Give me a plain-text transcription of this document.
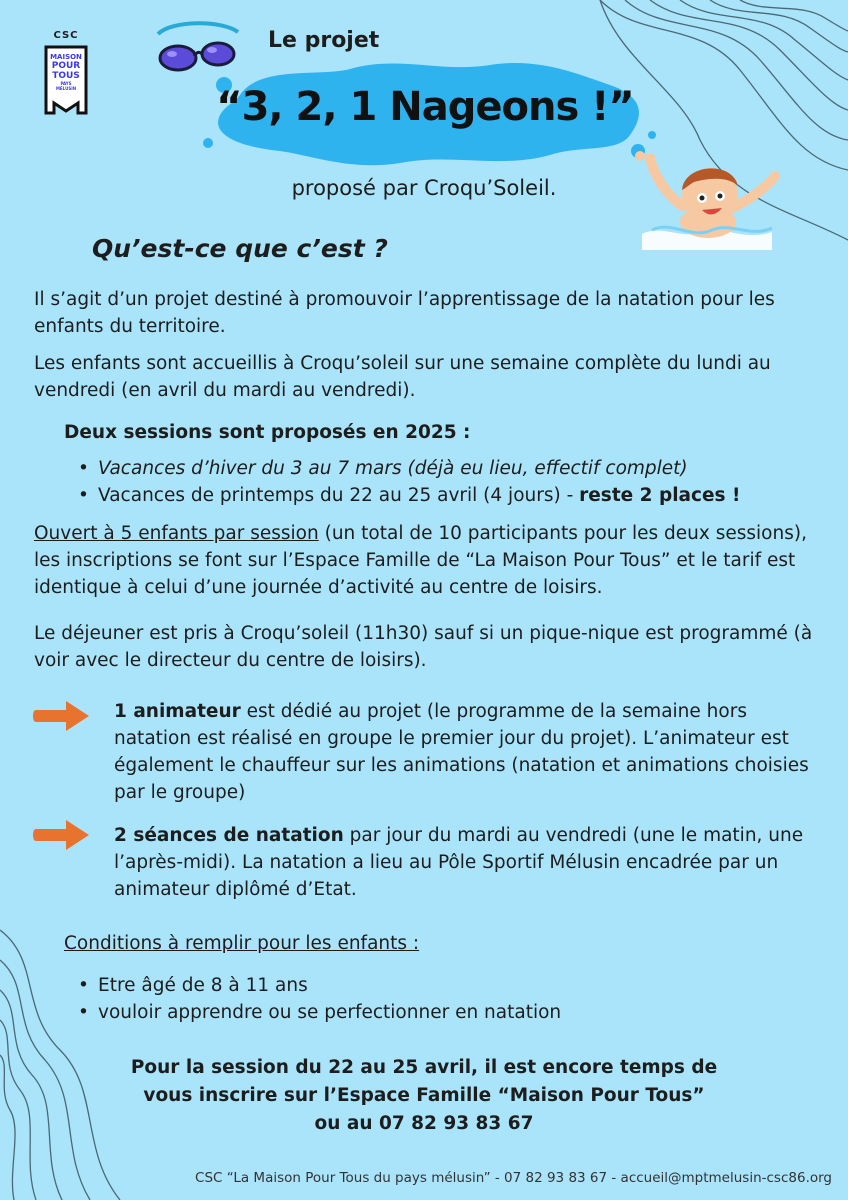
CSC
MAISON
POUR
TOUS
PAYS MÉLUSIN
Le projet
“3, 2, 1 Nageons !”
proposé par Croqu’Soleil.
Qu’est-ce que c’est ?
Il s’agit d’un projet destiné à promouvoir l’apprentissage de la natation pour les enfants du territoire.
Les enfants sont accueillis à Croqu’soleil sur une semaine complète du lundi au vendredi (en avril du mardi au vendredi).
Deux sessions sont proposés en 2025 :
• Vacances d’hiver du 3 au 7 mars (déjà eu lieu, effectif complet)
• Vacances de printemps du 22 au 25 avril (4 jours) - reste 2 places !
Ouvert à 5 enfants par session (un total de 10 participants pour les deux sessions), les inscriptions se font sur l’Espace Famille de “La Maison Pour Tous” et le tarif est identique à celui d’une journée d’activité au centre de loisirs.
Le déjeuner est pris à Croqu’soleil (11h30) sauf si un pique-nique est programmé (à voir avec le directeur du centre de loisirs).
1 animateur est dédié au projet (le programme de la semaine hors natation est réalisé en groupe le premier jour du projet). L’animateur est également le chauffeur sur les animations (natation et animations choisies par le groupe)
2 séances de natation par jour du mardi au vendredi (une le matin, une l’après-midi). La natation a lieu au Pôle Sportif Mélusin encadrée par un animateur diplômé d’Etat.
Conditions à remplir pour les enfants :
• Etre âgé de 8 à 11 ans
• vouloir apprendre ou se perfectionner en natation
Pour la session du 22 au 25 avril, il est encore temps de
vous inscrire sur l’Espace Famille “Maison Pour Tous”
ou au 07 82 93 83 67
CSC “La Maison Pour Tous du pays mélusin” - 07 82 93 83 67 - accueil@mptmelusin-csc86.org
